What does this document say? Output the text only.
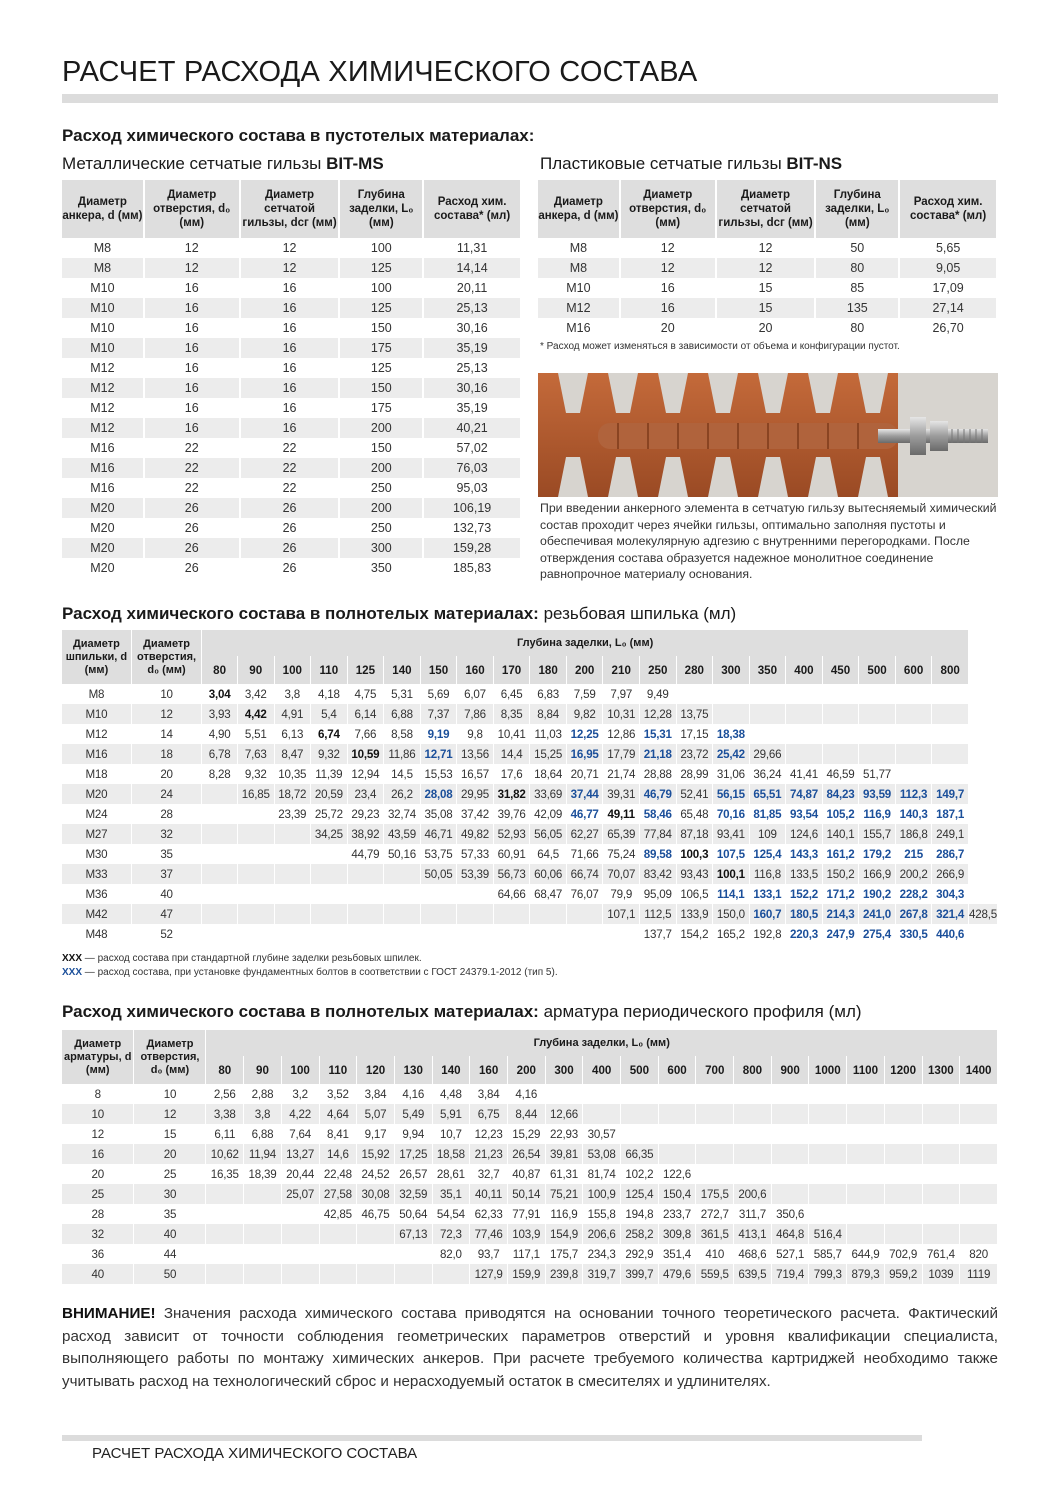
РАСЧЕТ РАСХОДА ХИМИЧЕСКОГО СОСТАВА
Расход химического состава в пустотелых материалах:
Металлические сетчатые гильзы BIT-MS	Пластиковые сетчатые гильзы BIT-NS
Диаметр анкера, d (мм)	Диаметр отверстия, d₀ (мм)	Диаметр сетчатой гильзы, dсг (мм)	Глубина заделки, L₀ (мм)	Расход хим. состава* (мл)
M8	12	12	100	11,31
M8	12	12	125	14,14
M10	16	16	100	20,11
M10	16	16	125	25,13
M10	16	16	150	30,16
M10	16	16	175	35,19
M12	16	16	125	25,13
M12	16	16	150	30,16
M12	16	16	175	35,19
M12	16	16	200	40,21
M16	22	22	150	57,02
M16	22	22	200	76,03
M16	22	22	250	95,03
M20	26	26	200	106,19
M20	26	26	250	132,73
M20	26	26	300	159,28
M20	26	26	350	185,83
Диаметр анкера, d (мм)	Диаметр отверстия, d₀ (мм)	Диаметр сетчатой гильзы, dсг (мм)	Глубина заделки, L₀ (мм)	Расход хим. состава* (мл)
M8	12	12	50	5,65
M8	12	12	80	9,05
M10	16	15	85	17,09
M12	16	15	135	27,14
M16	20	20	80	26,70
* Расход может изменяться в зависимости от объема и конфигурации пустот.
При введении анкерного элемента в сетчатую гильзу вытесняемый химический состав проходит через ячейки гильзы, оптимально заполняя пустоты и обеспечивая молекулярную адгезию с внутренними перегородками. После отверждения состава образуется надежное монолитное соединение равнопрочное материалу основания.
Расход химического состава в полнотелых материалах: резьбовая шпилька (мл)
Диаметр шпильки, d (мм)	Диаметр отверстия, d₀ (мм)	Глубина заделки, L₀ (мм)																					
		80	90	100	110	125	140	150	160	170	180	200	210	250	280	300	350	400	450	500	600	800	
M8	10	3,04	3,42	3,8	4,18	4,75	5,31	5,69	6,07	6,45	6,83	7,59	7,97	9,49									
M10	12	3,93	4,42	4,91	5,4	6,14	6,88	7,37	7,86	8,35	8,84	9,82	10,31	12,28	13,75								
M12	14	4,90	5,51	6,13	6,74	7,66	8,58	9,19	9,8	10,41	11,03	12,25	12,86	15,31	17,15	18,38							
M16	18	6,78	7,63	8,47	9,32	10,59	11,86	12,71	13,56	14,4	15,25	16,95	17,79	21,18	23,72	25,42	29,66						
M18	20	8,28	9,32	10,35	11,39	12,94	14,5	15,53	16,57	17,6	18,64	20,71	21,74	28,88	28,99	31,06	36,24	41,41	46,59	51,77			
M20	24		16,85	18,72	20,59	23,4	26,2	28,08	29,95	31,82	33,69	37,44	39,31	46,79	52,41	56,15	65,51	74,87	84,23	93,59	112,3	149,7	
M24	28			23,39	25,72	29,23	32,74	35,08	37,42	39,76	42,09	46,77	49,11	58,46	65,48	70,16	81,85	93,54	105,2	116,9	140,3	187,1	
M27	32				34,25	38,92	43,59	46,71	49,82	52,93	56,05	62,27	65,39	77,84	87,18	93,41	109	124,6	140,1	155,7	186,8	249,1	
M30	35					44,79	50,16	53,75	57,33	60,91	64,5	71,66	75,24	89,58	100,3	107,5	125,4	143,3	161,2	179,2	215	286,7	
M33	37							50,05	53,39	56,73	60,06	66,74	70,07	83,42	93,43	100,1	116,8	133,5	150,2	166,9	200,2	266,9	
M36	40									64,66	68,47	76,07	79,9	95,09	106,5	114,1	133,1	152,2	171,2	190,2	228,2	304,3	
M42	47												107,1	112,5	133,9	150,0	160,7	180,5	214,3	241,0	267,8	321,4	428,5
M48	52													137,7	154,2	165,2	192,8	220,3	247,9	275,4	330,5	440,6	
XXX — расход состава при стандартной глубине заделки резьбовых шпилек.
XXX — расход состава, при установке фундаментных болтов в соответствии с ГОСТ 24379.1-2012 (тип 5).
Расход химического состава в полнотелых материалах: арматура периодического профиля (мл)
Диаметр арматуры, d (мм)	Диаметр отверстия, d₀ (мм)	Глубина заделки, L₀ (мм)																				
		80	90	100	110	120	130	140	160	200	300	400	500	600	700	800	900	1000	1100	1200	1300	1400
8	10	2,56	2,88	3,2	3,52	3,84	4,16	4,48	3,84	4,16												
10	12	3,38	3,8	4,22	4,64	5,07	5,49	5,91	6,75	8,44	12,66											
12	15	6,11	6,88	7,64	8,41	9,17	9,94	10,7	12,23	15,29	22,93	30,57										
16	20	10,62	11,94	13,27	14,6	15,92	17,25	18,58	21,23	26,54	39,81	53,08	66,35									
20	25	16,35	18,39	20,44	22,48	24,52	26,57	28,61	32,7	40,87	61,31	81,74	102,2	122,6								
25	30			25,07	27,58	30,08	32,59	35,1	40,11	50,14	75,21	100,9	125,4	150,4	175,5	200,6						
28	35				42,85	46,75	50,64	54,54	62,33	77,91	116,9	155,8	194,8	233,7	272,7	311,7	350,6					
32	40						67,13	72,3	77,46	103,9	154,9	206,6	258,2	309,8	361,5	413,1	464,8	516,4				
36	44							82,0	93,7	117,1	175,7	234,3	292,9	351,4	410	468,6	527,1	585,7	644,9	702,9	761,4	820
40	50								127,9	159,9	239,8	319,7	399,7	479,6	559,5	639,5	719,4	799,3	879,3	959,2	1039	1119
ВНИМАНИЕ! Значения расхода химического состава приводятся на основании точного теоретического расчета. Фактический расход зависит от точности соблюдения геометрических параметров отверстий и уровня квалификации специалиста, выполняющего работы по монтажу химических анкеров. При расчете требуемого количества картриджей необходимо также учитывать расход на технологический сброс и нерасходуемый остаток в смесителях и удлинителях.
РАСЧЕТ РАСХОДА ХИМИЧЕСКОГО СОСТАВА
